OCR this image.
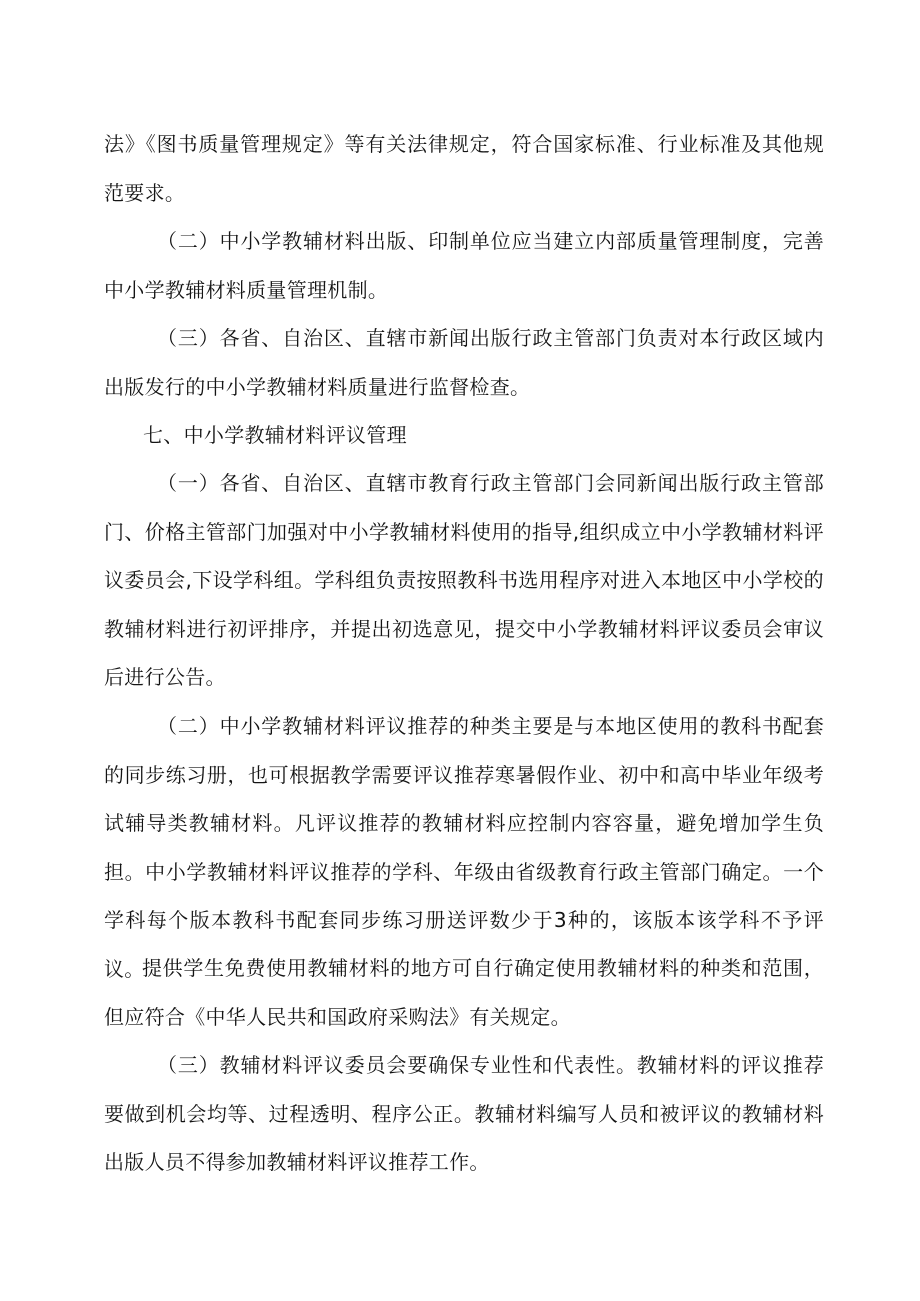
法》《图书质量管理规定》等有关法律规定，符合国家标准、行业标准及其他规范要求。

（二）中小学教辅材料出版、印制单位应当建立内部质量管理制度，完善中小学教辅材料质量管理机制。

（三）各省、自治区、直辖市新闻出版行政主管部门负责对本行政区域内出版发行的中小学教辅材料质量进行监督检查。

七、中小学教辅材料评议管理

（一）各省、自治区、直辖市教育行政主管部门会同新闻出版行政主管部门、价格主管部门加强对中小学教辅材料使用的指导,组织成立中小学教辅材料评议委员会,下设学科组。学科组负责按照教科书选用程序对进入本地区中小学校的教辅材料进行初评排序，并提出初选意见，提交中小学教辅材料评议委员会审议后进行公告。

（二）中小学教辅材料评议推荐的种类主要是与本地区使用的教科书配套的同步练习册，也可根据教学需要评议推荐寒暑假作业、初中和高中毕业年级考试辅导类教辅材料。凡评议推荐的教辅材料应控制内容容量，避免增加学生负担。中小学教辅材料评议推荐的学科、年级由省级教育行政主管部门确定。一个学科每个版本教科书配套同步练习册送评数少于3种的，该版本该学科不予评议。

提供学生免费使用教辅材料的地方可自行确定使用教辅材料的种类和范围，但应符合《中华人民共和国政府采购法》有关规定。

（三）教辅材料评议委员会要确保专业性和代表性。教辅材料的评议推荐要做到机会均等、过程透明、程序公正。教辅材料编写人员和被评议的教辅材料出版人员不得参加教辅材料评议推荐工作。
